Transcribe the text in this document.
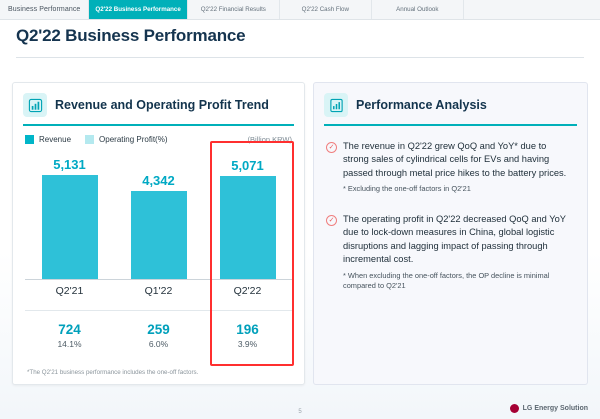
Business Performance	Q2'22 Business Performance	Q2'22 Financial Results	Q2'22 Cash Flow	Annual Outlook
Q2'22 Business Performance
Revenue and Operating Profit Trend
Revenue	Operating Profit(%)	(Billion KRW)
5,131
4,342
5,071
Q2'21	Q1'22	Q2'22
724
14.1%
259
6.0%
196
3.9%
*The Q2'21 business performance includes the one-off factors.
Performance Analysis
✓ The revenue in Q2'22 grew QoQ and YoY* due to strong sales of cylindrical cells for EVs and having passed through metal price hikes to the battery prices.
* Excluding the one-off factors in Q2'21
✓ The operating profit in Q2'22 decreased QoQ and YoY due to lock-down measures in China, global logistic disruptions and lagging impact of passing through incremental cost.
* When excluding the one-off factors, the OP decline is minimal compared to Q2'21
5	LG Energy Solution
